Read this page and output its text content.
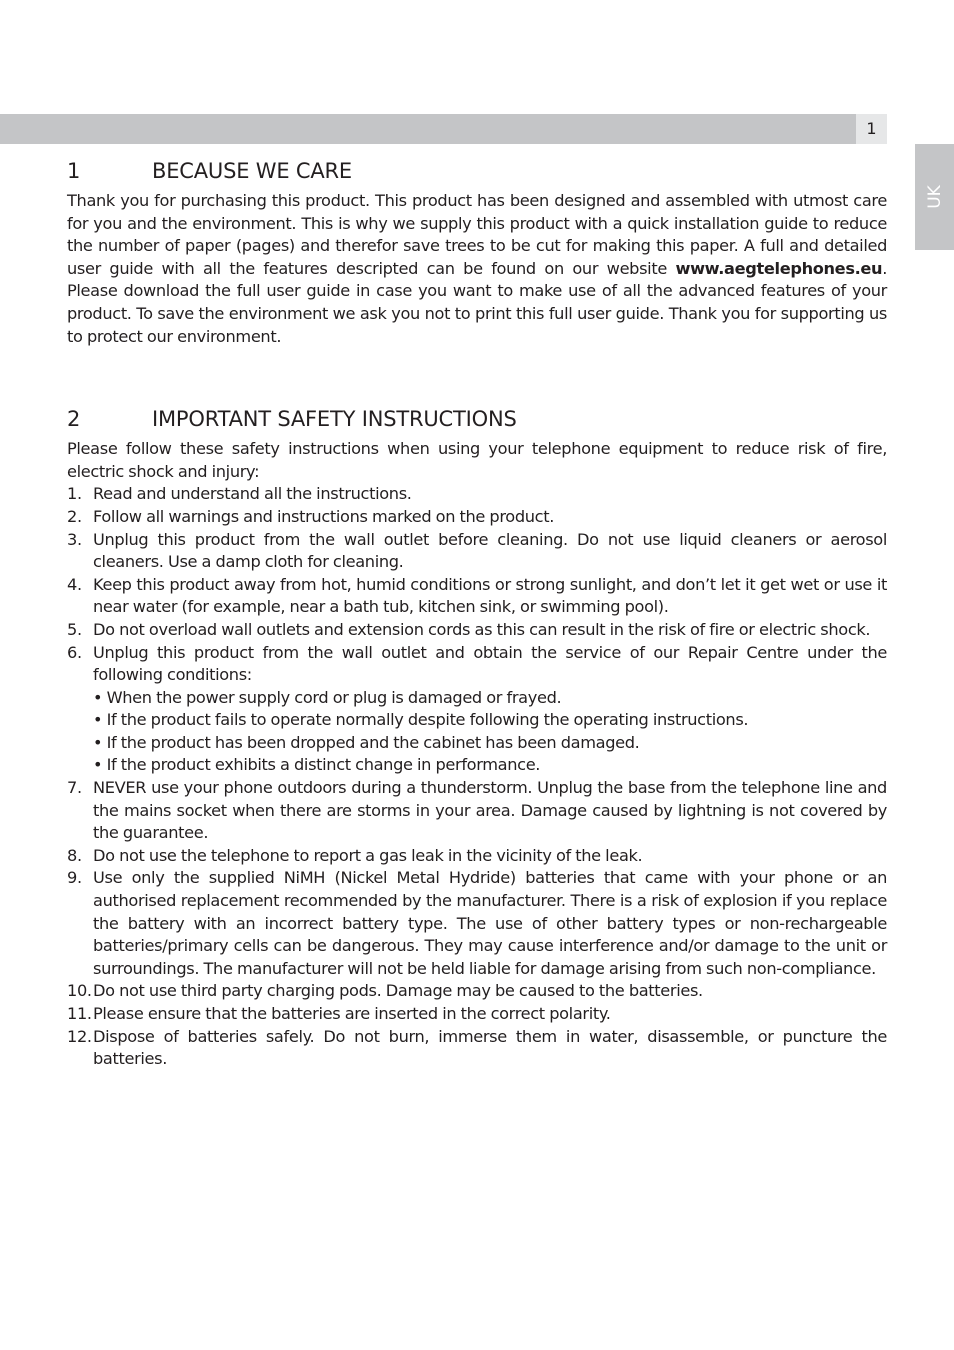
1
UK
1	BECAUSE WE CARE

Thank you for purchasing this product. This product has been designed and assembled with utmost care for you and the environment. This is why we supply this product with a quick installation guide to reduce the number of paper (pages) and therefor save trees to be cut for making this paper. A full and detailed user guide with all the features descripted can be found on our website www.aegtelephones.eu. Please download the full user guide in case you want to make use of all the advanced features of your product. To save the environment we ask you not to print this full user guide. Thank you for supporting us to protect our environment.

2	IMPORTANT SAFETY INSTRUCTIONS

Please follow these safety instructions when using your telephone equipment to reduce risk of fire, electric shock and injury:

1. Read and understand all the instructions.
2. Follow all warnings and instructions marked on the product.
3. Unplug this product from the wall outlet before cleaning. Do not use liquid cleaners or aerosol cleaners. Use a damp cloth for cleaning.
4. Keep this product away from hot, humid conditions or strong sunlight, and don’t let it get wet or use it near water (for example, near a bath tub, kitchen sink, or swimming pool).
5. Do not overload wall outlets and extension cords as this can result in the risk of fire or electric shock.
6. Unplug this product from the wall outlet and obtain the service of our Repair Centre under the following conditions:
• When the power supply cord or plug is damaged or frayed.
• If the product fails to operate normally despite following the operating instructions.
• If the product has been dropped and the cabinet has been damaged.
• If the product exhibits a distinct change in performance.
7. NEVER use your phone outdoors during a thunderstorm. Unplug the base from the telephone line and the mains socket when there are storms in your area. Damage caused by lightning is not covered by the guarantee.
8. Do not use the telephone to report a gas leak in the vicinity of the leak.
9. Use only the supplied NiMH (Nickel Metal Hydride) batteries that came with your phone or an authorised replacement recommended by the manufacturer. There is a risk of explosion if you replace the battery with an incorrect battery type. The use of other battery types or non-rechargeable batteries/primary cells can be dangerous. They may cause interference and/or damage to the unit or surroundings. The manufacturer will not be held liable for damage arising from such non-compliance.
10. Do not use third party charging pods. Damage may be caused to the batteries.
11. Please ensure that the batteries are inserted in the correct polarity.
12. Dispose of batteries safely. Do not burn, immerse them in water, disassemble, or puncture the batteries.
